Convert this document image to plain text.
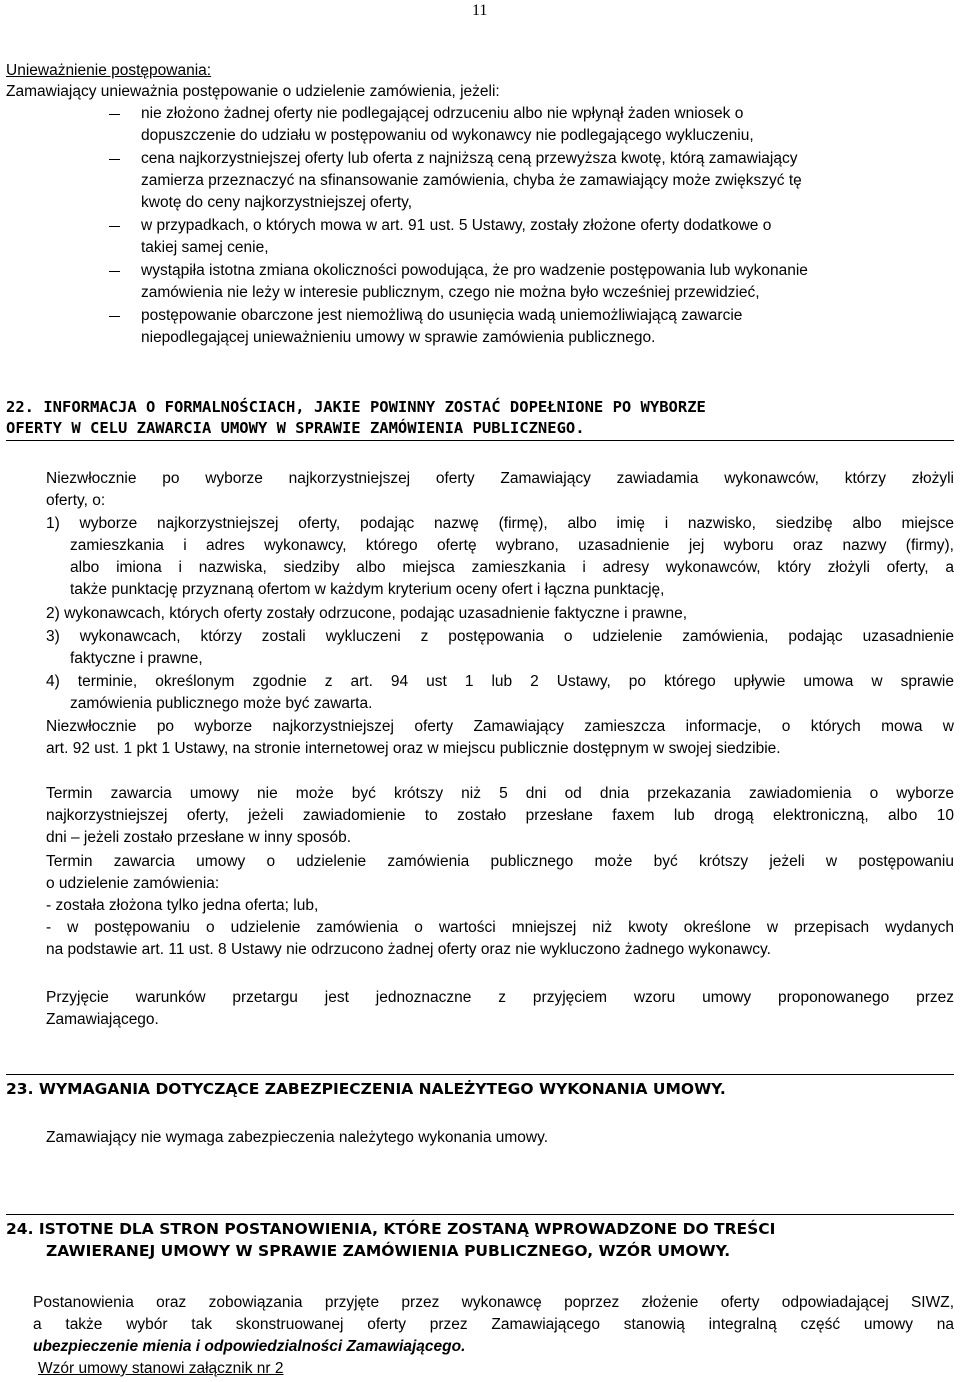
11
Unieważnienie postępowania:
Zamawiający unieważnia postępowanie o udzielenie zamówienia, jeżeli:
nie złożono żadnej oferty nie podlegającej odrzuceniu albo nie wpłynął żaden wniosek o
dopuszczenie do udziału w postępowaniu od wykonawcy nie podlegającego wykluczeniu,
cena najkorzystniejszej oferty lub oferta z najniższą ceną przewyższa kwotę, którą zamawiający
zamierza przeznaczyć na sfinansowanie zamówienia, chyba że zamawiający może zwiększyć tę
kwotę do ceny najkorzystniejszej oferty,
w przypadkach, o których mowa w art. 91 ust. 5 Ustawy, zostały złożone oferty dodatkowe o
takiej samej cenie,
wystąpiła istotna zmiana okoliczności powodująca, że pro wadzenie postępowania lub wykonanie
zamówienia nie leży w interesie publicznym, czego nie można było wcześniej przewidzieć,
postępowanie obarczone jest niemożliwą do usunięcia wadą uniemożliwiającą zawarcie
niepodlegającej unieważnieniu umowy w sprawie zamówienia publicznego.
22. INFORMACJA O FORMALNOŚCIACH, JAKIE POWINNY ZOSTAĆ DOPEŁNIONE PO WYBORZE
OFERTY W CELU ZAWARCIA UMOWY W SPRAWIE ZAMÓWIENIA PUBLICZNEGO.
Niezwłocznie po wyborze najkorzystniejszej oferty Zamawiający zawiadamia wykonawców, którzy złożyli
oferty, o:
1) wyborze najkorzystniejszej oferty, podając nazwę (firmę), albo imię i nazwisko, siedzibę albo miejsce
zamieszkania i adres wykonawcy, którego ofertę wybrano, uzasadnienie jej wyboru oraz nazwy (firmy),
albo imiona i nazwiska, siedziby albo miejsca zamieszkania i adresy wykonawców, który złożyli oferty, a
także punktację przyznaną ofertom w każdym kryterium oceny ofert i łączna punktację,
2) wykonawcach, których oferty zostały odrzucone, podając uzasadnienie faktyczne i prawne,
3) wykonawcach, którzy zostali wykluczeni z postępowania o udzielenie zamówienia, podając uzasadnienie
faktyczne i prawne,
4) terminie, określonym zgodnie z art. 94 ust 1 lub 2 Ustawy, po którego upływie umowa w sprawie
zamówienia publicznego może być zawarta.
Niezwłocznie po wyborze najkorzystniejszej oferty Zamawiający zamieszcza informacje, o których mowa w
art. 92 ust. 1 pkt 1 Ustawy, na stronie internetowej oraz w miejscu publicznie dostępnym w swojej siedzibie.
Termin zawarcia umowy nie może być krótszy niż 5 dni od dnia przekazania zawiadomienia o wyborze
najkorzystniejszej oferty, jeżeli zawiadomienie to zostało przesłane faxem lub drogą elektroniczną, albo 10
dni – jeżeli zostało przesłane w inny sposób.
Termin zawarcia umowy o udzielenie zamówienia publicznego może być krótszy jeżeli w postępowaniu
o udzielenie zamówienia:
- została złożona tylko jedna oferta; lub,
- w postępowaniu o udzielenie zamówienia o wartości mniejszej niż kwoty określone w przepisach wydanych
na podstawie art. 11 ust. 8 Ustawy nie odrzucono żadnej oferty oraz nie wykluczono żadnego wykonawcy.
Przyjęcie warunków przetargu jest jednoznaczne z przyjęciem wzoru umowy proponowanego przez
Zamawiającego.
23. WYMAGANIA DOTYCZĄCE ZABEZPIECZENIA NALEŻYTEGO WYKONANIA UMOWY.
Zamawiający nie wymaga zabezpieczenia należytego wykonania umowy.
24. ISTOTNE DLA STRON POSTANOWIENIA, KTÓRE ZOSTANĄ WPROWADZONE DO TREŚCI
ZAWIERANEJ UMOWY W SPRAWIE ZAMÓWIENIA PUBLICZNEGO, WZÓR UMOWY.
Postanowienia oraz zobowiązania przyjęte przez wykonawcę poprzez złożenie oferty odpowiadającej SIWZ,
a także wybór tak skonstruowanej oferty przez Zamawiającego stanowią integralną część umowy na
ubezpieczenie mienia i odpowiedzialności Zamawiającego.
Wzór umowy stanowi załącznik nr 2
